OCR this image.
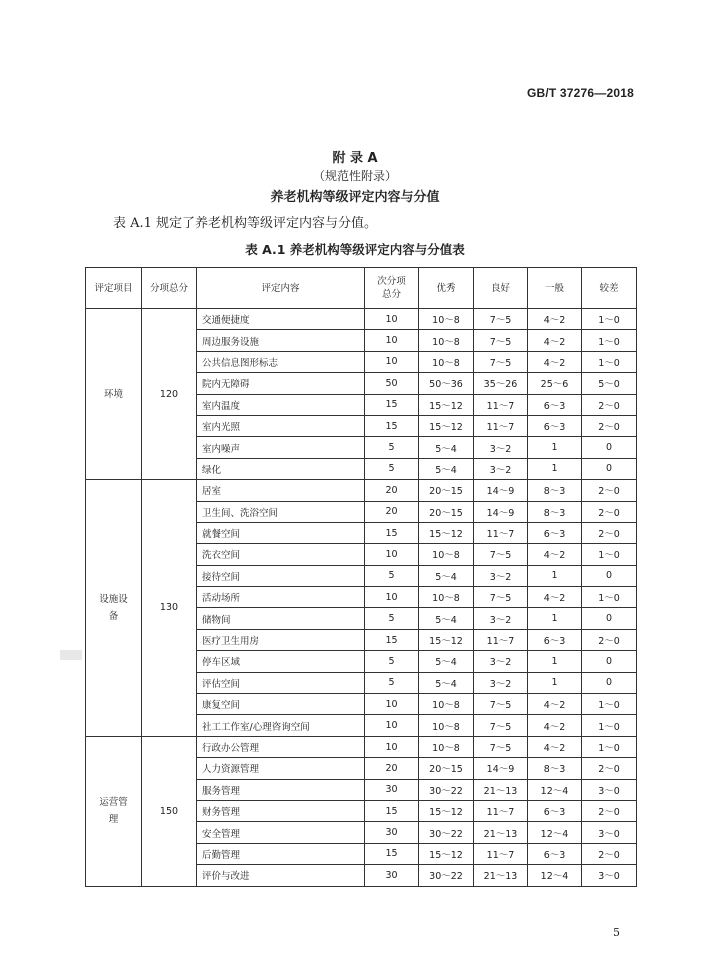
GB/T 37276—2018
附 录 A
（规范性附录）
养老机构等级评定内容与分值
表 A.1 规定了养老机构等级评定内容与分值。
表 A.1 养老机构等级评定内容与分值表
评定项目	分项总分	评定内容	次分项总分	优秀	良好	一般	较差
环境	120	交通便捷度	10	10～8	7～5	4～2	1～0
		周边服务设施	10	10～8	7～5	4～2	1～0
		公共信息图形标志	10	10～8	7～5	4～2	1～0
		院内无障碍	50	50～36	35～26	25～6	5～0
		室内温度	15	15～12	11～7	6～3	2～0
		室内光照	15	15～12	11～7	6～3	2～0
		室内噪声	5	5～4	3～2	1	0
		绿化	5	5～4	3～2	1	0
设施设备	130	居室	20	20～15	14～9	8～3	2～0
		卫生间、洗浴空间	20	20～15	14～9	8～3	2～0
		就餐空间	15	15～12	11～7	6～3	2～0
		洗衣空间	10	10～8	7～5	4～2	1～0
		接待空间	5	5～4	3～2	1	0
		活动场所	10	10～8	7～5	4～2	1～0
		储物间	5	5～4	3～2	1	0
		医疗卫生用房	15	15～12	11～7	6～3	2～0
		停车区域	5	5～4	3～2	1	0
		评估空间	5	5～4	3～2	1	0
		康复空间	10	10～8	7～5	4～2	1～0
		社工工作室/心理咨询空间	10	10～8	7～5	4～2	1～0
运营管理	150	行政办公管理	10	10～8	7～5	4～2	1～0
		人力资源管理	20	20～15	14～9	8～3	2～0
		服务管理	30	30～22	21～13	12～4	3～0
		财务管理	15	15～12	11～7	6～3	2～0
		安全管理	30	30～22	21～13	12～4	3～0
		后勤管理	15	15～12	11～7	6～3	2～0
		评价与改进	30	30～22	21～13	12～4	3～0
5
